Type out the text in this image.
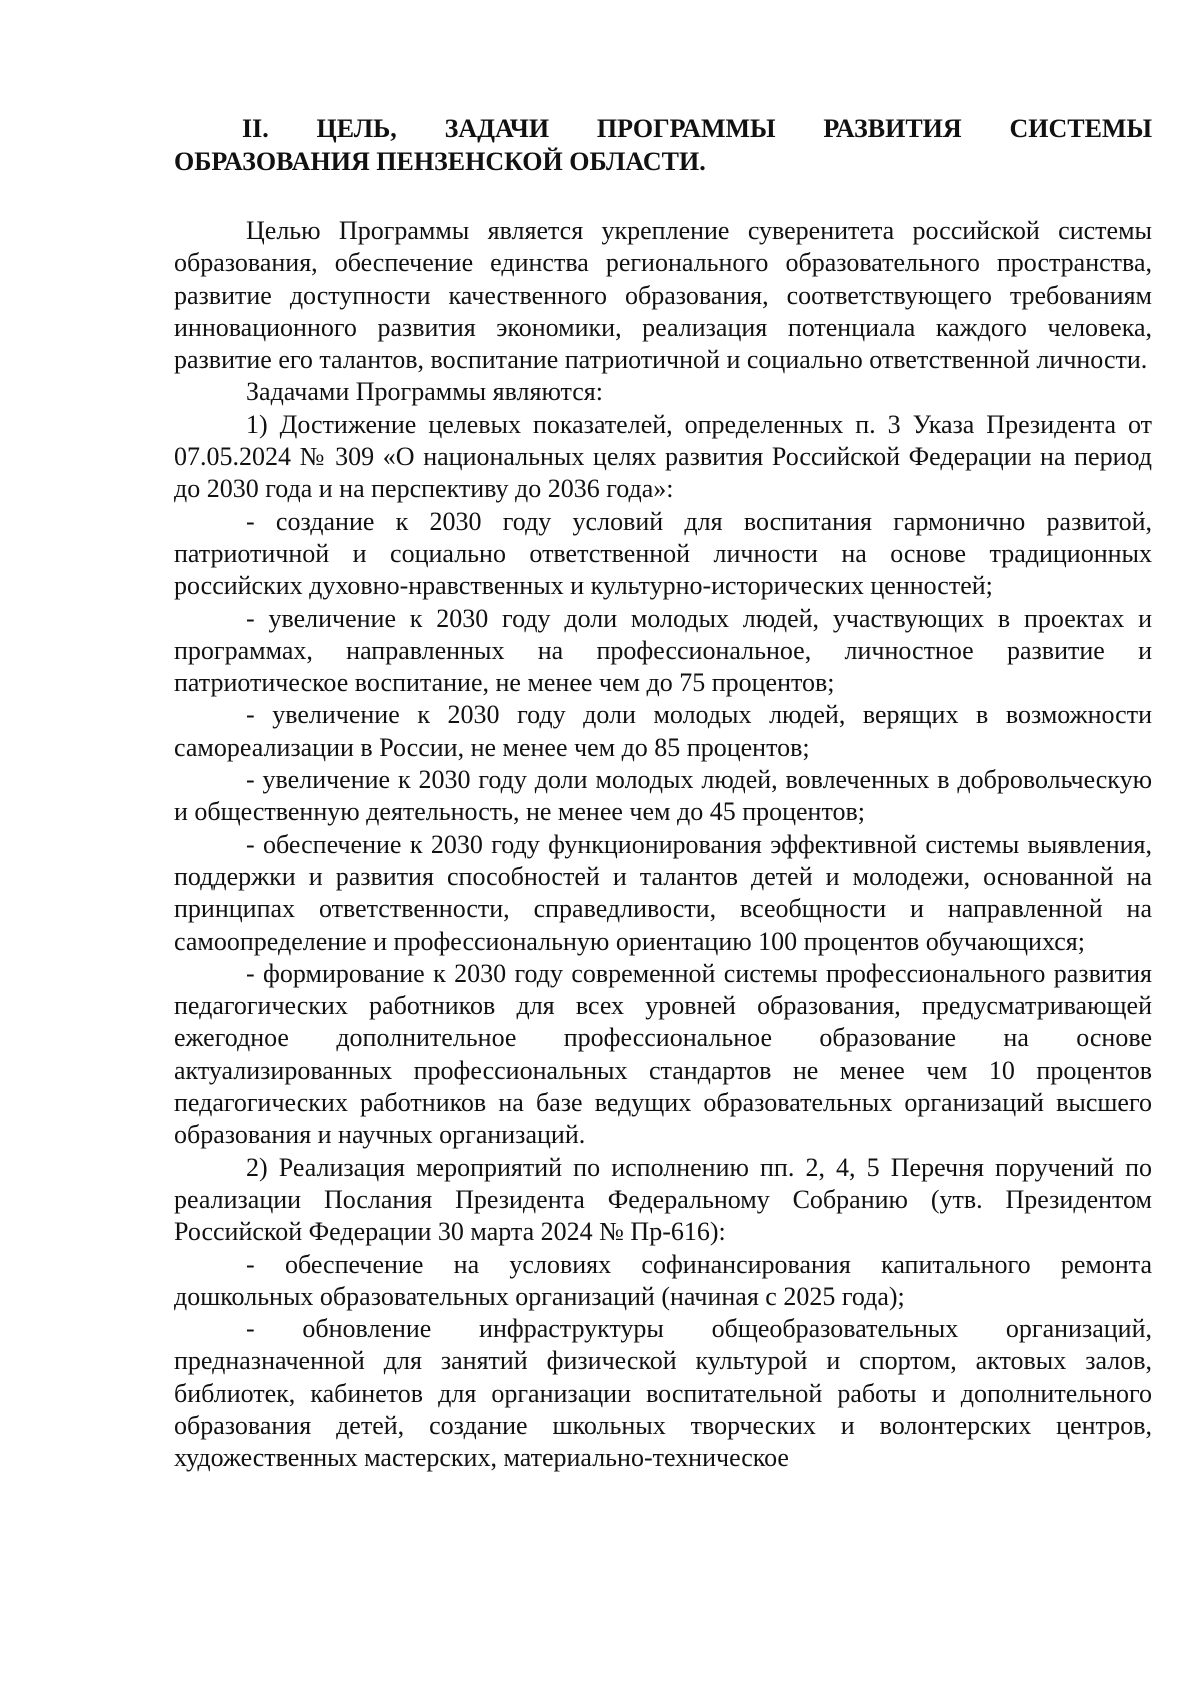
II. ЦЕЛЬ, ЗАДАЧИ ПРОГРАММЫ РАЗВИТИЯ СИСТЕМЫ
ОБРАЗОВАНИЯ ПЕНЗЕНСКОЙ ОБЛАСТИ.

Целью Программы является укрепление суверенитета российской системы образования, обеспечение единства регионального образовательного пространства, развитие доступности качественного образования, соответствующего требованиям инновационного развития экономики, реализация потенциала каждого человека, развитие его талантов, воспитание патриотичной и социально ответственной личности.

Задачами Программы являются:

1) Достижение целевых показателей, определенных п. 3 Указа Президента от 07.05.2024 № 309 «О национальных целях развития Российской Федерации на период до 2030 года и на перспективу до 2036 года»:

- создание к 2030 году условий для воспитания гармонично развитой, патриотичной и социально ответственной личности на основе традиционных российских духовно-нравственных и культурно-исторических ценностей;

- увеличение к 2030 году доли молодых людей, участвующих в проектах и программах, направленных на профессиональное, личностное развитие и патриотическое воспитание, не менее чем до 75 процентов;

- увеличение к 2030 году доли молодых людей, верящих в возможности самореализации в России, не менее чем до 85 процентов;

- увеличение к 2030 году доли молодых людей, вовлеченных в добровольческую и общественную деятельность, не менее чем до 45 процентов;

- обеспечение к 2030 году функционирования эффективной системы выявления, поддержки и развития способностей и талантов детей и молодежи, основанной на принципах ответственности, справедливости, всеобщности и направленной на самоопределение и профессиональную ориентацию 100 процентов обучающихся;

- формирование к 2030 году современной системы профессионального развития педагогических работников для всех уровней образования, предусматривающей ежегодное дополнительное профессиональное образование на основе актуализированных профессиональных стандартов не менее чем 10 процентов педагогических работников на базе ведущих образовательных организаций высшего образования и научных организаций.

2) Реализация мероприятий по исполнению пп. 2, 4, 5 Перечня поручений по реализации Послания Президента Федеральному Собранию (утв. Президентом Российской Федерации 30 марта 2024 № Пр-616):

- обеспечение на условиях софинансирования капитального ремонта дошкольных образовательных организаций (начиная с 2025 года);

- обновление инфраструктуры общеобразовательных организаций, предназначенной для занятий физической культурой и спортом, актовых залов, библиотек, кабинетов для организации воспитательной работы и дополнительного образования детей, создание школьных творческих и волонтерских центров, художественных мастерских, материально-техническое
